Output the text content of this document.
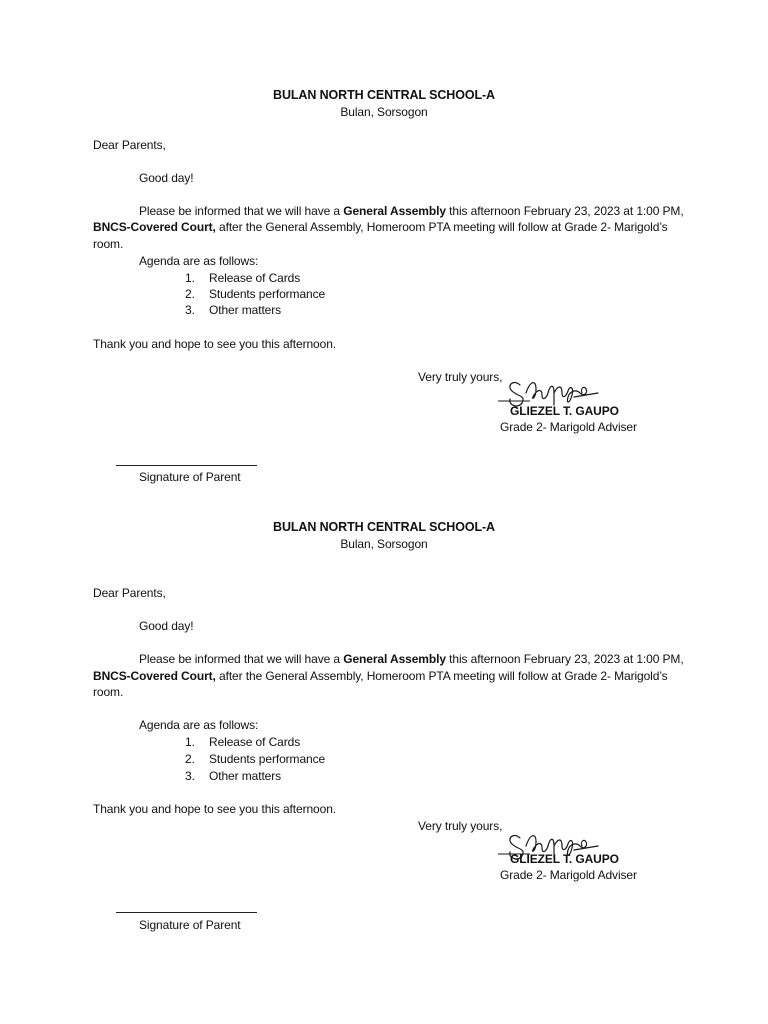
BULAN NORTH CENTRAL SCHOOL-A
Bulan, Sorsogon
Dear Parents,
Good day!
Please be informed that we will have a General Assembly this afternoon February 23, 2023 at 1:00 PM,
BNCS-Covered Court, after the General Assembly, Homeroom PTA meeting will follow at Grade 2- Marigold’s
room.
Agenda are as follows:
1. Release of Cards
2. Students performance
3. Other matters
Thank you and hope to see you this afternoon.
Very truly yours,
GLIEZEL T. GAUPO
Grade 2- Marigold Adviser
Signature of Parent
BULAN NORTH CENTRAL SCHOOL-A
Bulan, Sorsogon
Dear Parents,
Good day!
Please be informed that we will have a General Assembly this afternoon February 23, 2023 at 1:00 PM,
BNCS-Covered Court, after the General Assembly, Homeroom PTA meeting will follow at Grade 2- Marigold’s
room.
Agenda are as follows:
1. Release of Cards
2. Students performance
3. Other matters
Thank you and hope to see you this afternoon.
Very truly yours,
GLIEZEL T. GAUPO
Grade 2- Marigold Adviser
Signature of Parent
